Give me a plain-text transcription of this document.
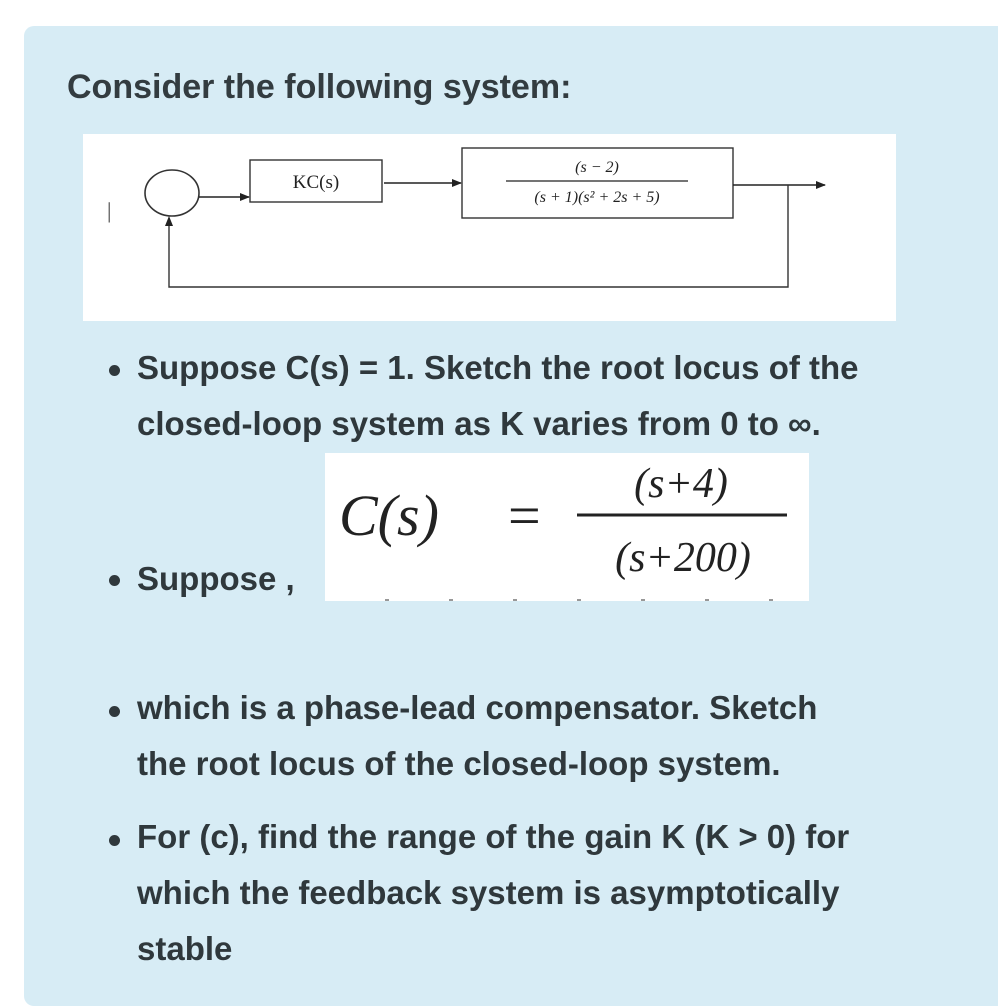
Consider the following system:

|
KC(s)
(s − 2)
(s + 1)(s² + 2s + 5)

Suppose C(s) = 1. Sketch the root locus of the

closed-loop system as K varies from 0 to ∞.

C(s) = (s+4)
(s+200)

Suppose ,

which is a phase-lead compensator. Sketch

the root locus of the closed-loop system.

For (c), find the range of the gain K (K > 0) for

which the feedback system is asymptotically

stable
